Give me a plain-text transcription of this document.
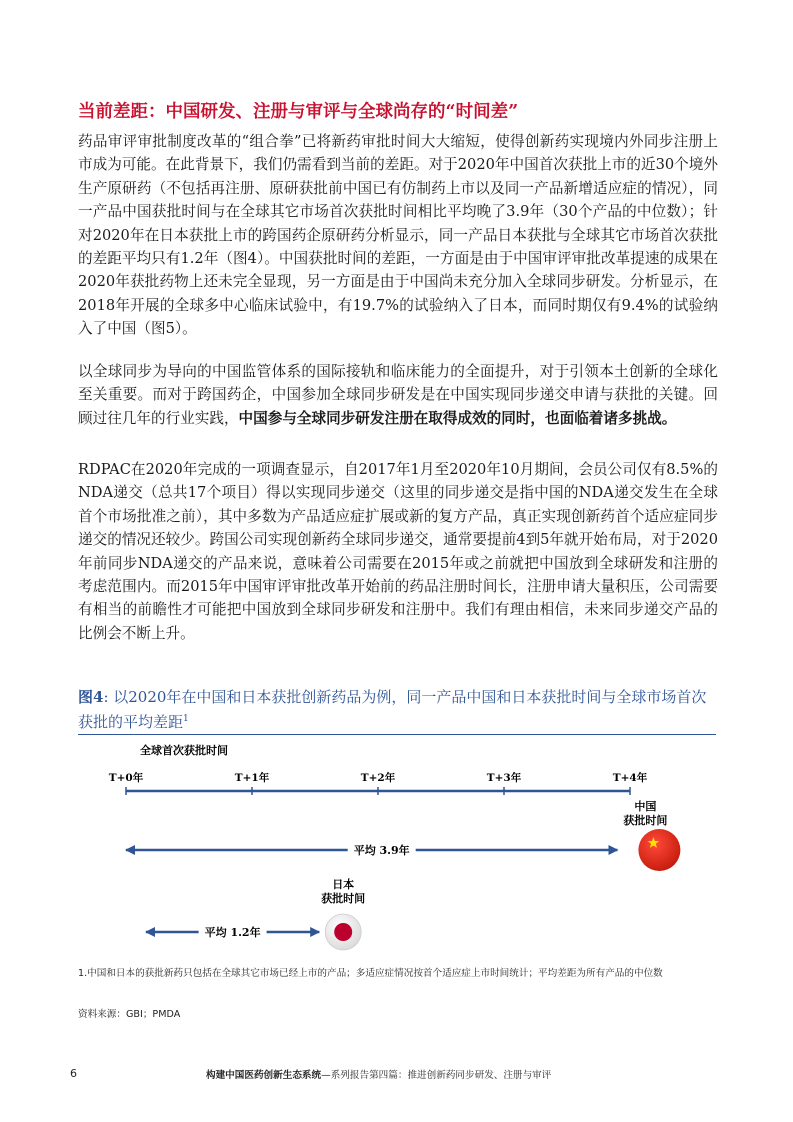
当前差距：中国研发、注册与审评与全球尚存的“时间差”

药品审评审批制度改革的“组合拳”已将新药审批时间大大缩短，使得创新药实现境内外同步注册上市成为可能。在此背景下，我们仍需看到当前的差距。对于2020年中国首次获批上市的近30个境外生产原研药（不包括再注册、原研获批前中国已有仿制药上市以及同一产品新增适应症的情况），同一产品中国获批时间与在全球其它市场首次获批时间相比平均晚了3.9年（30个产品的中位数）；针对2020年在日本获批上市的跨国药企原研药分析显示，同一产品日本获批与全球其它市场首次获批的差距平均只有1.2年（图4）。中国获批时间的差距，一方面是由于中国审评审批改革提速的成果在2020年获批药物上还未完全显现，另一方面是由于中国尚未充分加入全球同步研发。分析显示，在2018年开展的全球多中心临床试验中，有19.7%的试验纳入了日本，而同时期仅有9.4%的试验纳入了中国（图5）。

以全球同步为导向的中国监管体系的国际接轨和临床能力的全面提升，对于引领本土创新的全球化至关重要。而对于跨国药企，中国参加全球同步研发是在中国实现同步递交申请与获批的关键。回顾过往几年的行业实践，中国参与全球同步研发注册在取得成效的同时，也面临着诸多挑战。

RDPAC在2020年完成的一项调查显示，自2017年1月至2020年10月期间，会员公司仅有8.5%的NDA递交（总共17个项目）得以实现同步递交（这里的同步递交是指中国的NDA递交发生在全球首个市场批准之前），其中多数为产品适应症扩展或新的复方产品，真正实现创新药首个适应症同步递交的情况还较少。跨国公司实现创新药全球同步递交，通常要提前4到5年就开始布局，对于2020年前同步NDA递交的产品来说，意味着公司需要在2015年或之前就把中国放到全球研发和注册的考虑范围内。而2015年中国审评审批改革开始前的药品注册时间长，注册申请大量积压，公司需要有相当的前瞻性才可能把中国放到全球同步研发和注册中。我们有理由相信，未来同步递交产品的比例会不断上升。

图4: 以2020年在中国和日本获批创新药品为例，同一产品中国和日本获批时间与全球市场首次获批的平均差距$^1$

全球首次获批时间
T+0年	T+1年	T+2年	T+3年	T+4年
中国
获批时间
平均 3.9年
日本
获批时间
平均 1.2年

1.中国和日本的获批新药只包括在全球其它市场已经上市的产品；多适应症情况按首个适应症上市时间统计；平均差距为所有产品的中位数

资料来源：GBI；PMDA

6	构建中国医药创新生态系统—系列报告第四篇：推进创新药同步研发、注册与审评
